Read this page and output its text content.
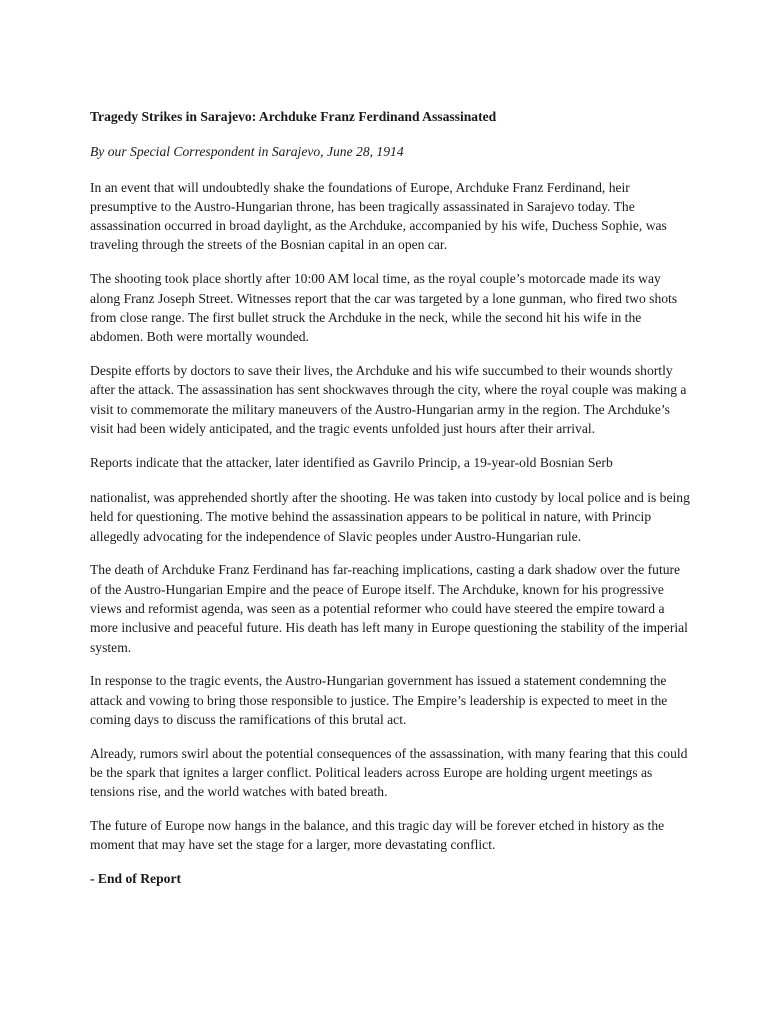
Tragedy Strikes in Sarajevo: Archduke Franz Ferdinand Assassinated

By our Special Correspondent in Sarajevo, June 28, 1914

In an event that will undoubtedly shake the foundations of Europe, Archduke Franz Ferdinand, heir presumptive to the Austro-Hungarian throne, has been tragically assassinated in Sarajevo today. The assassination occurred in broad daylight, as the Archduke, accompanied by his wife, Duchess Sophie, was traveling through the streets of the Bosnian capital in an open car.

The shooting took place shortly after 10:00 AM local time, as the royal couple’s motorcade made its way along Franz Joseph Street. Witnesses report that the car was targeted by a lone gunman, who fired two shots from close range. The first bullet struck the Archduke in the neck, while the second hit his wife in the abdomen. Both were mortally wounded.

Despite efforts by doctors to save their lives, the Archduke and his wife succumbed to their wounds shortly after the attack. The assassination has sent shockwaves through the city, where the royal couple was making a visit to commemorate the military maneuvers of the Austro-Hungarian army in the region. The Archduke’s visit had been widely anticipated, and the tragic events unfolded just hours after their arrival.

Reports indicate that the attacker, later identified as Gavrilo Princip, a 19-year-old Bosnian Serb

nationalist, was apprehended shortly after the shooting. He was taken into custody by local police and is being held for questioning. The motive behind the assassination appears to be political in nature, with Princip allegedly advocating for the independence of Slavic peoples under Austro-Hungarian rule.

The death of Archduke Franz Ferdinand has far-reaching implications, casting a dark shadow over the future of the Austro-Hungarian Empire and the peace of Europe itself. The Archduke, known for his progressive views and reformist agenda, was seen as a potential reformer who could have steered the empire toward a more inclusive and peaceful future. His death has left many in Europe questioning the stability of the imperial system.

In response to the tragic events, the Austro-Hungarian government has issued a statement condemning the attack and vowing to bring those responsible to justice. The Empire’s leadership is expected to meet in the coming days to discuss the ramifications of this brutal act.

Already, rumors swirl about the potential consequences of the assassination, with many fearing that this could be the spark that ignites a larger conflict. Political leaders across Europe are holding urgent meetings as tensions rise, and the world watches with bated breath.

The future of Europe now hangs in the balance, and this tragic day will be forever etched in history as the moment that may have set the stage for a larger, more devastating conflict.

- End of Report
